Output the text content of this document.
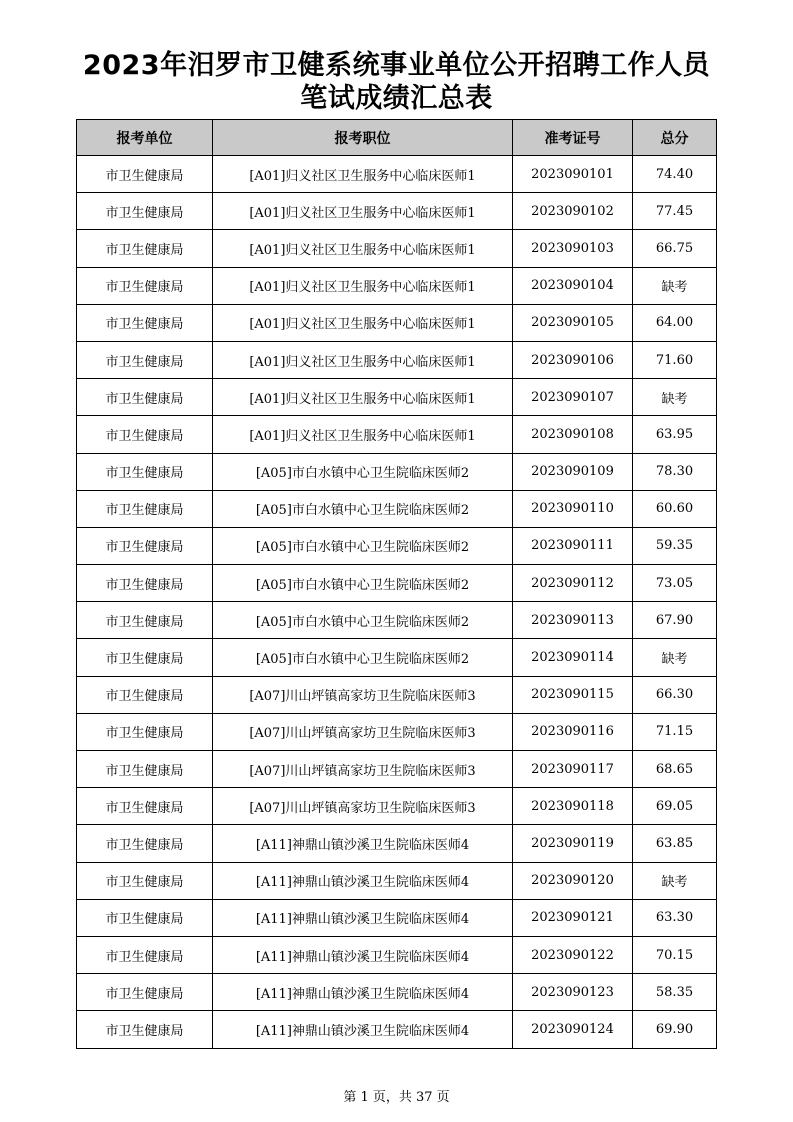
2023年汨罗市卫健系统事业单位公开招聘工作人员
笔试成绩汇总表
报考单位	报考职位	准考证号	总分
市卫生健康局	[A01]归义社区卫生服务中心临床医师1	2023090101	74.40
市卫生健康局	[A01]归义社区卫生服务中心临床医师1	2023090102	77.45
市卫生健康局	[A01]归义社区卫生服务中心临床医师1	2023090103	66.75
市卫生健康局	[A01]归义社区卫生服务中心临床医师1	2023090104	缺考
市卫生健康局	[A01]归义社区卫生服务中心临床医师1	2023090105	64.00
市卫生健康局	[A01]归义社区卫生服务中心临床医师1	2023090106	71.60
市卫生健康局	[A01]归义社区卫生服务中心临床医师1	2023090107	缺考
市卫生健康局	[A01]归义社区卫生服务中心临床医师1	2023090108	63.95
市卫生健康局	[A05]市白水镇中心卫生院临床医师2	2023090109	78.30
市卫生健康局	[A05]市白水镇中心卫生院临床医师2	2023090110	60.60
市卫生健康局	[A05]市白水镇中心卫生院临床医师2	2023090111	59.35
市卫生健康局	[A05]市白水镇中心卫生院临床医师2	2023090112	73.05
市卫生健康局	[A05]市白水镇中心卫生院临床医师2	2023090113	67.90
市卫生健康局	[A05]市白水镇中心卫生院临床医师2	2023090114	缺考
市卫生健康局	[A07]川山坪镇高家坊卫生院临床医师3	2023090115	66.30
市卫生健康局	[A07]川山坪镇高家坊卫生院临床医师3	2023090116	71.15
市卫生健康局	[A07]川山坪镇高家坊卫生院临床医师3	2023090117	68.65
市卫生健康局	[A07]川山坪镇高家坊卫生院临床医师3	2023090118	69.05
市卫生健康局	[A11]神鼎山镇沙溪卫生院临床医师4	2023090119	63.85
市卫生健康局	[A11]神鼎山镇沙溪卫生院临床医师4	2023090120	缺考
市卫生健康局	[A11]神鼎山镇沙溪卫生院临床医师4	2023090121	63.30
市卫生健康局	[A11]神鼎山镇沙溪卫生院临床医师4	2023090122	70.15
市卫生健康局	[A11]神鼎山镇沙溪卫生院临床医师4	2023090123	58.35
市卫生健康局	[A11]神鼎山镇沙溪卫生院临床医师4	2023090124	69.90
第 1 页，共 37 页
